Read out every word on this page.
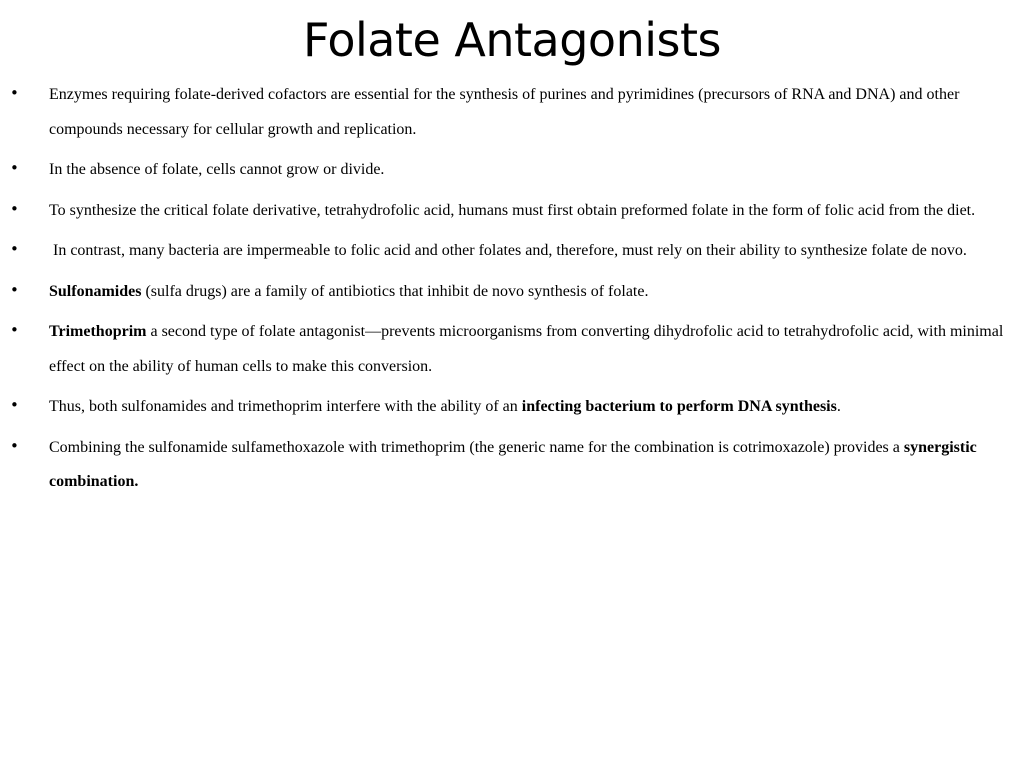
Folate Antagonists
• Enzymes requiring folate-derived cofactors are essential for the synthesis of purines and pyrimidines (precursors of RNA and DNA) and other compounds necessary for cellular growth and replication.
• In the absence of folate, cells cannot grow or divide.
• To synthesize the critical folate derivative, tetrahydrofolic acid, humans must first obtain preformed folate in the form of folic acid from the diet.
• In contrast, many bacteria are impermeable to folic acid and other folates and, therefore, must rely on their ability to synthesize folate de novo.
• Sulfonamides (sulfa drugs) are a family of antibiotics that inhibit de novo synthesis of folate.
• Trimethoprim a second type of folate antagonist—prevents microorganisms from converting dihydrofolic acid to tetrahydrofolic acid, with minimal effect on the ability of human cells to make this conversion.
• Thus, both sulfonamides and trimethoprim interfere with the ability of an infecting bacterium to perform DNA synthesis.
• Combining the sulfonamide sulfamethoxazole with trimethoprim (the generic name for the combination is cotrimoxazole) provides a synergistic combination.
